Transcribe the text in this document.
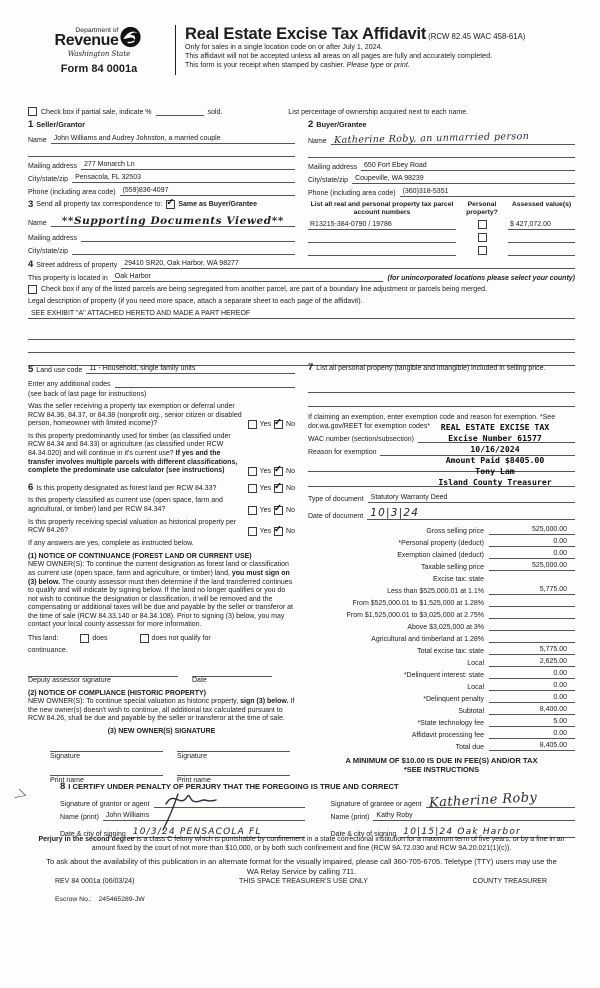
Department of
Revenue
Washington State
Form 84 0001a
Real Estate Excise Tax Affidavit (RCW 82.45 WAC 458-61A)
Only for sales in a single location code on or after July 1, 2024.
This affidavit will not be accepted unless all areas on all pages are fully and accurately completed.
This form is your receipt when stamped by cashier. Please type or print.
Check box if partial sale, indicate %	sold.	List percentage of ownership acquired next to each name.
1 Seller/Grantor
Name	John Williams and Audrey Johnston, a married couple
Mailing address	277 Monarch Ln
City/state/zip	Pensacola, FL 32503
Phone (including area code)	(559)836-4097
3 Send all property tax correspondence to: ✓ Same as Buyer/Grantee
Name	**Supporting Documents Viewed**
Mailing address
City/state/zip
2 Buyer/Grantee
Name Katherine Roby, an unmarried person
Mailing address	650 Fort Ebey Road
City/state/zip	Coupeville, WA 98239
Phone (including area code)	(360)318-5351
List all real and personal property tax parcel account numbers
Personal property?
Assessed value(s)
R13215-384-0790 / 19786	$ 427,072.00
4 Street address of property	29410 SR20, Oak Harbor, WA 98277
This property is located in	Oak Harbor	(for unincorporated locations please select your county)
Check box if any of the listed parcels are being segregated from another parcel, are part of a boundary line adjustment or parcels being merged.
Legal description of property (if you need more space, attach a separate sheet to each page of the affidavit).
SEE EXHIBIT "A" ATTACHED HERETO AND MADE A PART HEREOF
5 Land use code	11 - Household, single family units
Enter any additional codes
(see back of last page for instructions)

Was the seller receiving a property tax exemption or deferral under RCW 84.36, 84.37, or 84.38 (nonprofit org., senior citizen or disabled person, homeowner with limited income)?	Yes ✓ No

Is this property predominantly used for timber (as classified under RCW 84.34 and 84.33) or agriculture (as classified under RCW 84.34.020) and will continue in it's current use? If yes and the transfer involves multiple parcels with different classifications, complete the predominate use calculator (see instructions)	Yes ✓ No

6 Is this property designated as forest land per RCW 84.33?	Yes ✓ No

Is this property classified as current use (open space, farm and agricultural, or timber) land per RCW 84.34?	Yes ✓ No

Is this property receiving special valuation as historical property per RCW 84.26?	Yes ✓ No
If any answers are yes, complete as instructed below.
(1) NOTICE OF CONTINUANCE (FOREST LAND OR CURRENT USE)

NEW OWNER(S): To continue the current designation as forest land or classification as current use (open space, farm and agriculture, or timber) land, you must sign on (3) below. The county assessor must then determine if the land transferred continues to qualify and will indicate by signing below. If the land no longer qualifies or you do not wish to continue the designation or classification, it will be removed and the compensating or additional taxes will be due and payable by the seller or transferor at the time of sale (RCW 84.33.140 or 84.34.108). Prior to signing (3) below, you may contact your local county assessor for more information.

This land:	does	does not qualify for
continuance.
Deputy assessor signature	Date
(2) NOTICE OF COMPLIANCE (HISTORIC PROPERTY)

NEW OWNER(S): To continue special valuation as historic property, sign (3) below. If the new owner(s) doesn't wish to continue, all additional tax calculated pursuant to RCW 84.26, shall be due and payable by the seller or transferor at the time of sale.

(3) NEW OWNER(S) SIGNATURE
Signature	Signature
Print name	Print name
7 List all personal property (tangible and intangible) included in selling price.
If claiming an exemption, enter exemption code and reason for exemption. *See dor.wa.gov/REET for exemption codes*
WAC number (section/subsection)
Reason for exemption
REAL ESTATE EXCISE TAX
Excise Number 61577
10/16/2024
Amount Paid $8405.00
Tony Lam
Island County Treasurer
Type of document	Statutory Warranty Deed
Date of document 10|3|24
Gross selling price	525,000.00
*Personal property (deduct)	0.00
Exemption claimed (deduct)	0.00
Taxable selling price	525,000.00
Excise tax: state
Less than $525,000.01 at 1.1%	5,775.00
From $525,000.01 to $1,525,000 at 1.28%
From $1,525,000.01 to $3,025,000 at 2.75%
Above $3,025,000 at 3%
Agricultural and timberland at 1.28%
Total excise tax: state	5,775.00
Local	2,625.00
*Delinquent interest: state	0.00
Local	0.00
*Delinquent penalty	0.00
Subtotal	8,400.00
*State technology fee	5.00
Affidavit processing fee	0.00
Total due	8,405.00
A MINIMUM OF $10.00 IS DUE IN FEE(S) AND/OR TAX
*SEE INSTRUCTIONS
＞	8 I CERTIFY UNDER PENALTY OF PERJURY THAT THE FOREGOING IS TRUE AND CORRECT
Signature of grantor or agent
Name (print)	John Williams
Date & city of signing 10/3/24 PENSACOLA FL
Signature of grantee or agent Katherine Roby
Name (print)	Kathy Roby
Date & city of signing 10|15|24 Oak Harbor
Perjury in the second degree is a class C felony which is punishable by confinement in a state correctional institution for a maximum term of five years, or by a fine in an amount fixed by the court of not more than $10,000, or by both such confinement and fine (RCW 9A.72.030 and RCW 9A.20.021(1)(c)).
To ask about the availability of this publication in an alternate format for the visually impaired, please call 360-705-6705. Teletype (TTY) users may use the WA Relay Service by calling 711.
REV 84 0001a (06/03/24)	THIS SPACE TREASURER'S USE ONLY	COUNTY TREASURER
Escrow No.: 245465289-JW
